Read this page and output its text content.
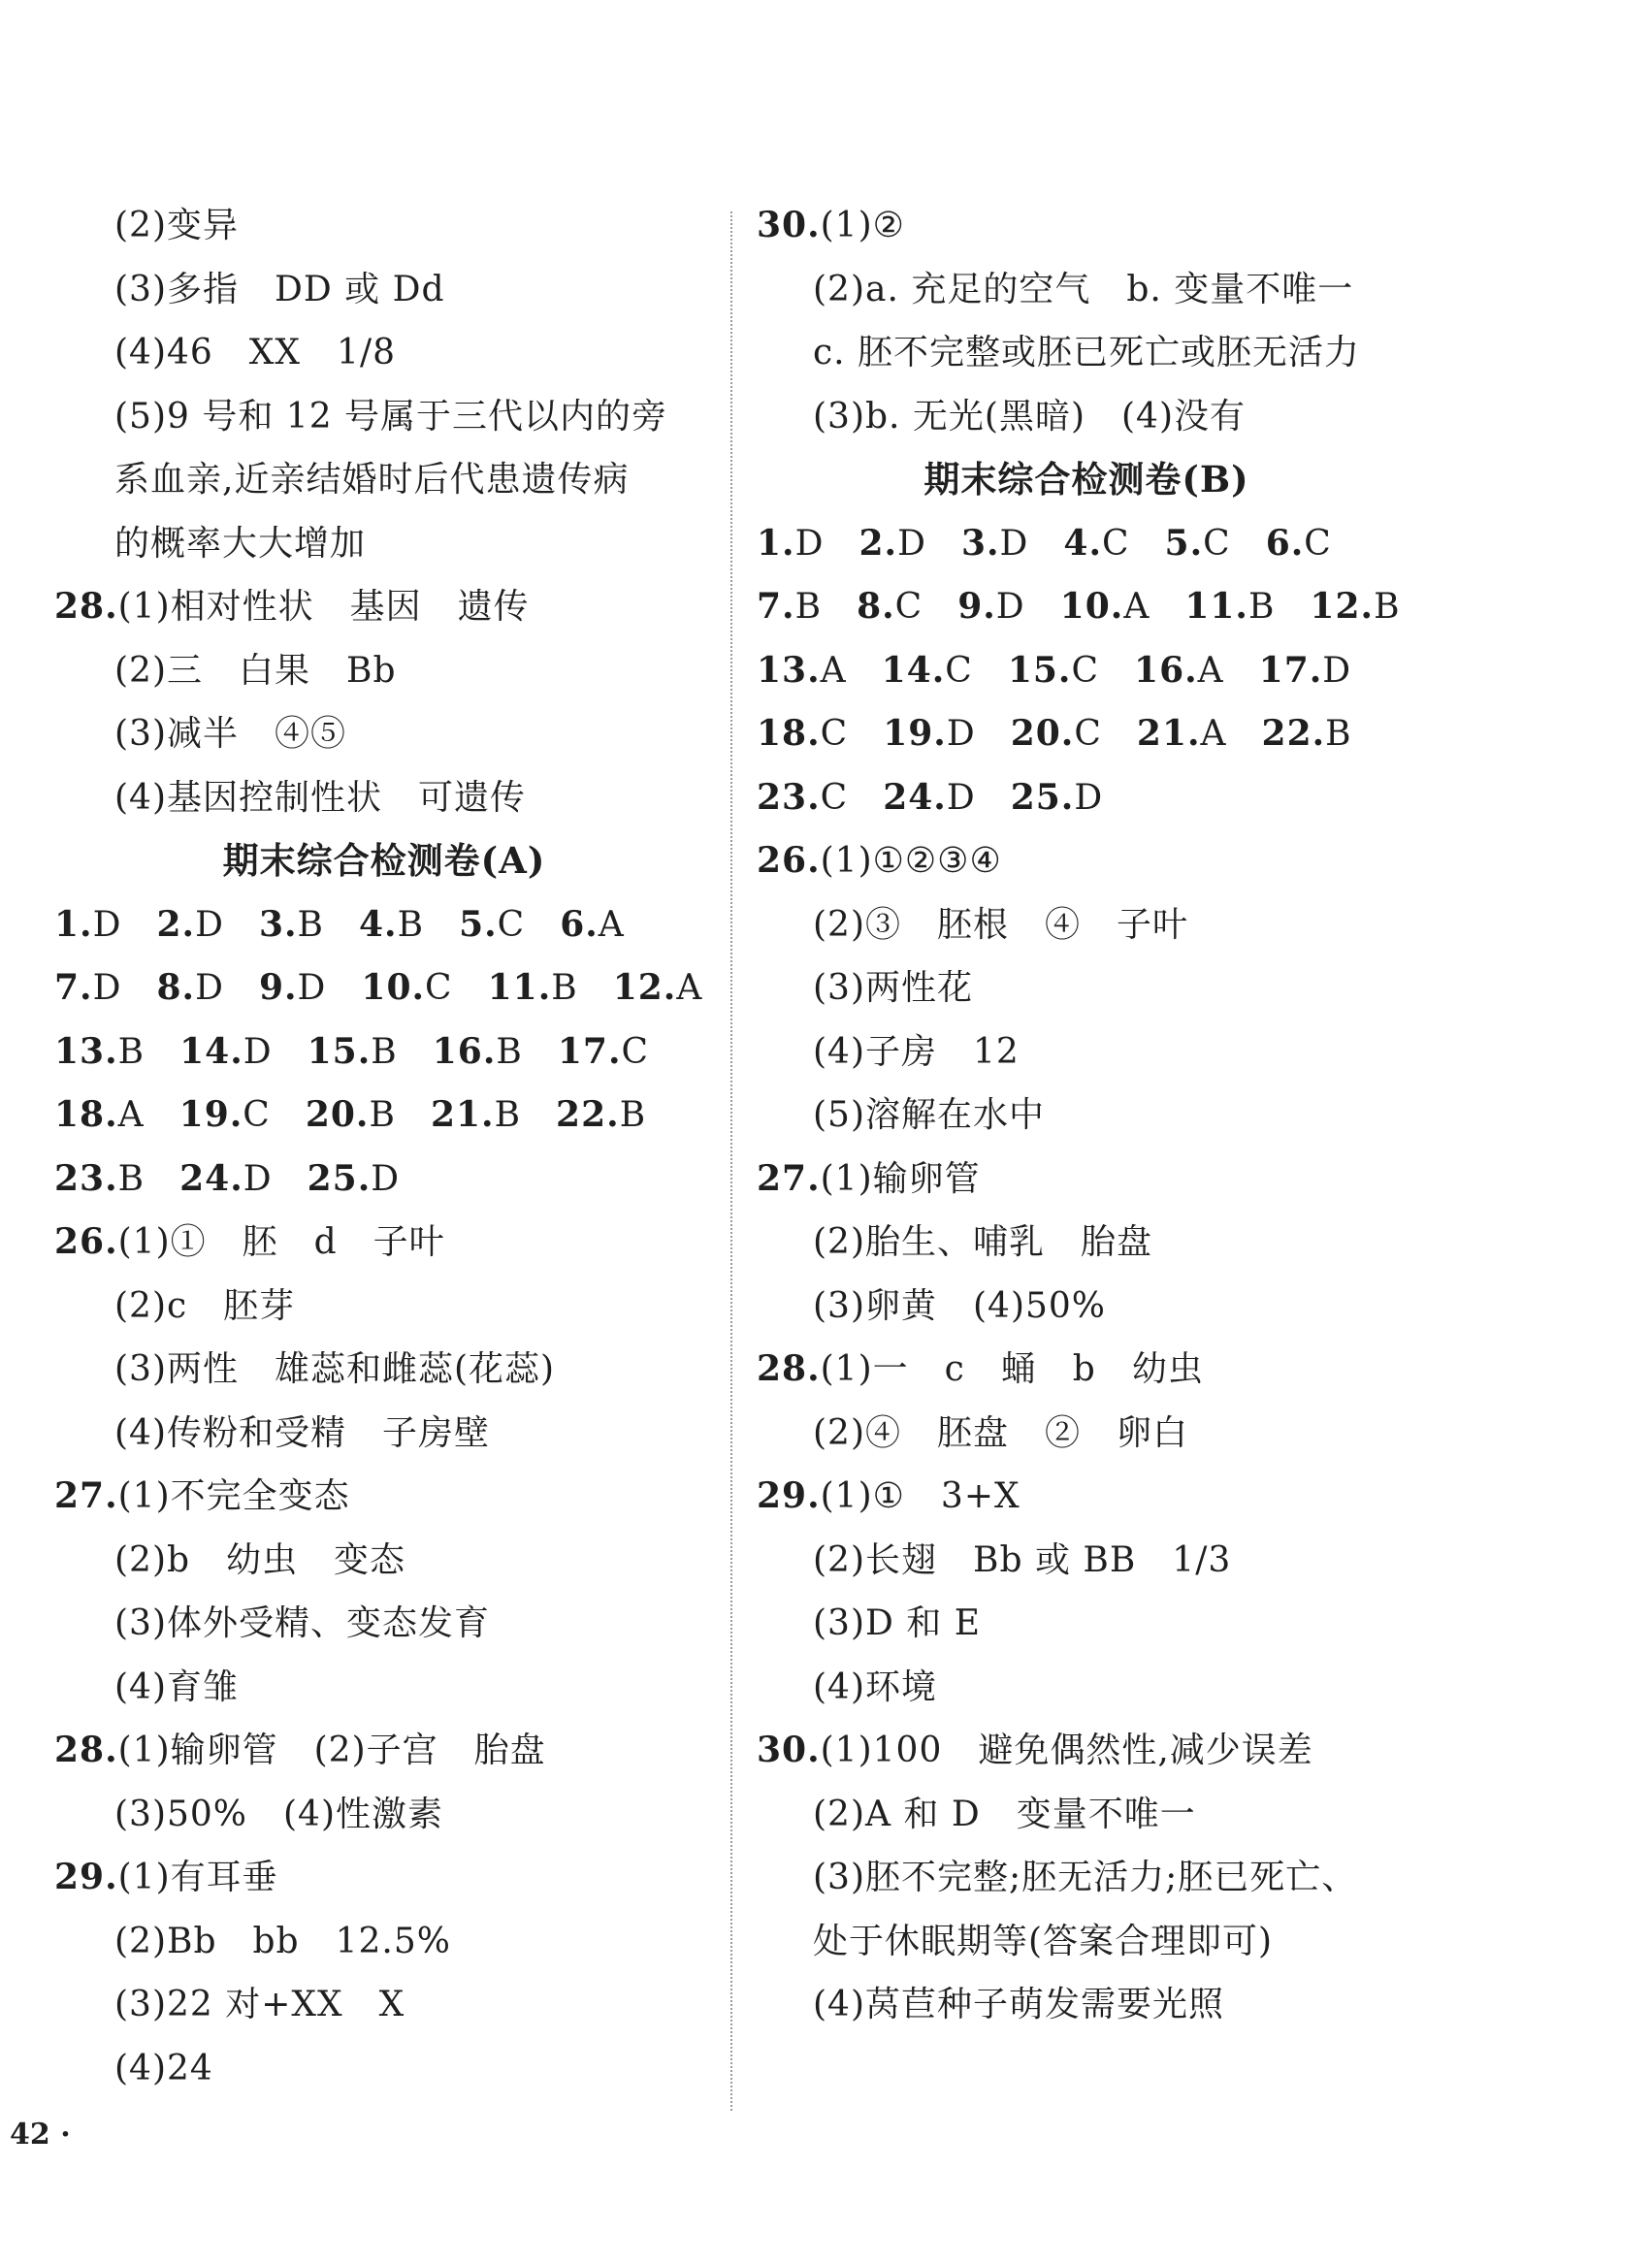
(2)变异
(3)多指　DD 或 Dd
(4)46　XX　1/8
(5)9 号和 12 号属于三代以内的旁
系血亲,近亲结婚时后代患遗传病
的概率大大增加
28.(1)相对性状　基因　遗传
(2)三　白果　Bb
(3)减半　④⑤
(4)基因控制性状　可遗传
期末综合检测卷(A)
1.D 2.D 3.B 4.B 5.C 6.A
7.D 8.D 9.D 10.C 11.B 12.A
13.B 14.D 15.B 16.B 17.C
18.A 19.C 20.B 21.B 22.B
23.B 24.D 25.D
26.(1)①　胚　d　子叶
(2)c　胚芽
(3)两性　雄蕊和雌蕊(花蕊)
(4)传粉和受精　子房壁
27.(1)不完全变态
(2)b　幼虫　变态
(3)体外受精、变态发育
(4)育雏
28.(1)输卵管　(2)子宫　胎盘
(3)50%　(4)性激素
29.(1)有耳垂
(2)Bb　bb　12.5%
(3)22 对+XX　X
(4)24
30.(1)②
(2)a. 充足的空气　b. 变量不唯一
c. 胚不完整或胚已死亡或胚无活力
(3)b. 无光(黑暗)　(4)没有
期末综合检测卷(B)
1.D 2.D 3.D 4.C 5.C 6.C
7.B 8.C 9.D 10.A 11.B 12.B
13.A 14.C 15.C 16.A 17.D
18.C 19.D 20.C 21.A 22.B
23.C 24.D 25.D
26.(1)①②③④
(2)③　胚根　④　子叶
(3)两性花
(4)子房　12
(5)溶解在水中
27.(1)输卵管
(2)胎生、哺乳　胎盘
(3)卵黄　(4)50%
28.(1)一　c　蛹　b　幼虫
(2)④　胚盘　②　卵白
29.(1)①　3+X
(2)长翅　Bb 或 BB　1/3
(3)D 和 E
(4)环境
30.(1)100　避免偶然性,减少误差
(2)A 和 D　变量不唯一
(3)胚不完整;胚无活力;胚已死亡、
处于休眠期等(答案合理即可)
(4)莴苣种子萌发需要光照
42 ·
